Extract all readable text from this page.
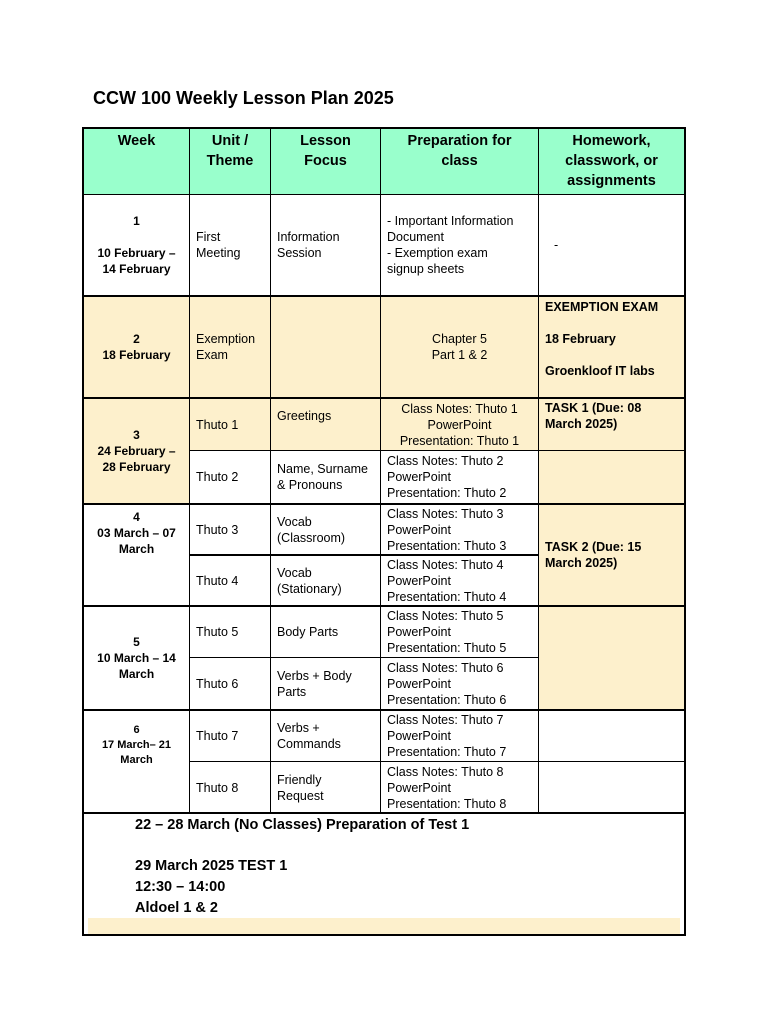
CCW 100 Weekly Lesson Plan 2025
Week	Unit /
Theme
Lesson Focus
Preparation for
class
Homework,
classwork, or
assignments
1
10 February –
14 February
First
Meeting
Information
Session
- Important Information
Document
- Exemption exam
signup sheets
-
2
18 February
Exemption
Exam
Chapter 5
Part 1 & 2
EXEMPTION EXAM
18 February
Groenkloof IT labs
3
24 February –
28 February
4
03 March – 07
March
5
10 March – 14
March
6
17 March– 21
March
Thuto 1
Greetings
Class Notes: Thuto 1
PowerPoint
Presentation: Thuto 1
Thuto 2
Name, Surname
& Pronouns
Class Notes: Thuto 2
PowerPoint
Presentation: Thuto 2
Thuto 3
Vocab
(Classroom)
Class Notes: Thuto 3
PowerPoint
Presentation: Thuto 3
Thuto 4
Vocab
(Stationary)
Class Notes: Thuto 4
PowerPoint
Presentation: Thuto 4
Thuto 5	Body Parts
Class Notes: Thuto 5
PowerPoint
Presentation: Thuto 5
Thuto 6
Verbs + Body
Parts
Class Notes: Thuto 6
PowerPoint
Presentation: Thuto 6
Thuto 7
Verbs +
Commands
Class Notes: Thuto 7
PowerPoint
Presentation: Thuto 7
Thuto 8
Friendly
Request
Class Notes: Thuto 8
PowerPoint
Presentation: Thuto 8
TASK 1 (Due: 08
March 2025)
TASK 2 (Due: 15
March 2025)
22 – 28 March (No Classes) Preparation of Test 1
29 March 2025 TEST 1
12:30 – 14:00
Aldoel 1 & 2
